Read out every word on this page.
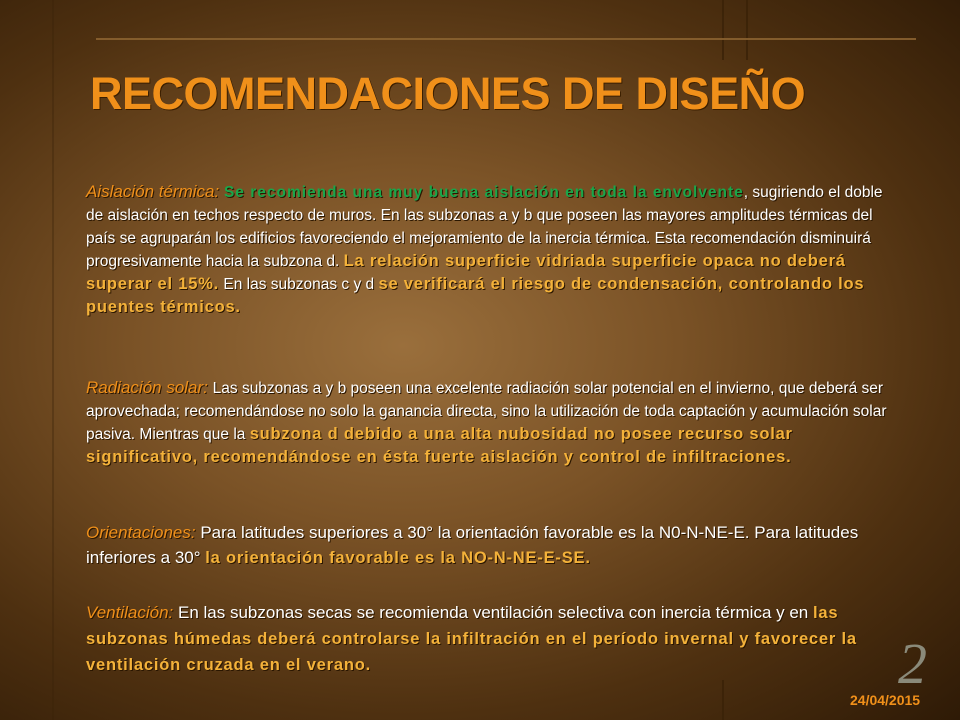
RECOMENDACIONES DE DISEÑO
Aislación térmica: Se recomienda una muy buena aislación en toda la envolvente, sugiriendo el doble de aislación en techos respecto de muros. En las subzonas a y b que poseen las mayores amplitudes térmicas del país se agruparán los edificios favoreciendo el mejoramiento de la inercia térmica. Esta recomendación disminuirá progresivamente hacia la subzona d. La relación superficie vidriada superficie opaca no deberá superar el 15%. En las subzonas c y d se verificará el riesgo de condensación, controlando los puentes térmicos.
Radiación solar: Las subzonas a y b poseen una excelente radiación solar potencial en el invierno, que deberá ser aprovechada; recomendándose no solo la ganancia directa, sino la utilización de toda captación y acumulación solar pasiva. Mientras que la subzona d debido a una alta nubosidad no posee recurso solar significativo, recomendándose en ésta fuerte aislación y control de infiltraciones.
Orientaciones: Para latitudes superiores a 30° la orientación favorable es la N0-N-NE-E. Para latitudes inferiores a 30° la orientación favorable es la NO-N-NE-E-SE.
Ventilación: En las subzonas secas se recomienda ventilación selectiva con inercia térmica y en las subzonas húmedas deberá controlarse la infiltración en el período invernal y favorecer la ventilación cruzada en el verano.	2
24/04/2015
